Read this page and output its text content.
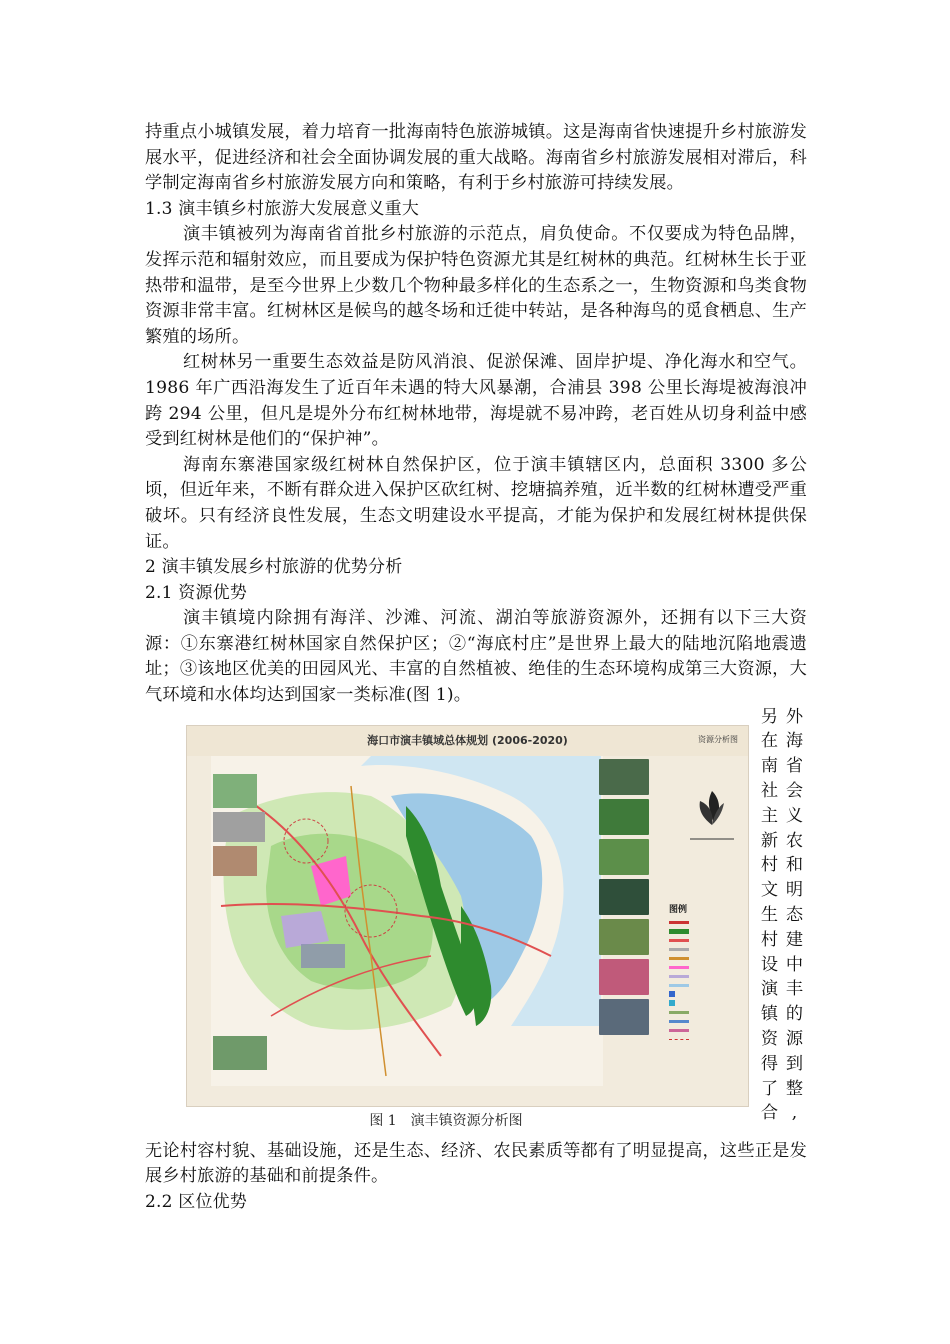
持重点小城镇发展，着力培育一批海南特色旅游城镇。这是海南省快速提升乡村旅游发展水平，促进经济和社会全面协调发展的重大战略。海南省乡村旅游发展相对滞后，科学制定海南省乡村旅游发展方向和策略，有利于乡村旅游可持续发展。

1.3 演丰镇乡村旅游大发展意义重大

演丰镇被列为海南省首批乡村旅游的示范点，肩负使命。不仅要成为特色品牌，发挥示范和辐射效应，而且要成为保护特色资源尤其是红树林的典范。红树林生长于亚热带和温带，是至今世界上少数几个物种最多样化的生态系之一，生物资源和鸟类食物资源非常丰富。红树林区是候鸟的越冬场和迁徙中转站，是各种海鸟的觅食栖息、生产繁殖的场所。

红树林另一重要生态效益是防风消浪、促淤保滩、固岸护堤、净化海水和空气。1986 年广西沿海发生了近百年未遇的特大风暴潮，合浦县 398 公里长海堤被海浪冲跨 294 公里，但凡是堤外分布红树林地带，海堤就不易冲跨，老百姓从切身利益中感受到红树林是他们的“保护神”。

海南东寨港国家级红树林自然保护区，位于演丰镇辖区内，总面积 3300 多公顷，但近年来，不断有群众进入保护区砍红树、挖塘搞养殖，近半数的红树林遭受严重破坏。只有经济良性发展，生态文明建设水平提高，才能为保护和发展红树林提供保证。

2 演丰镇发展乡村旅游的优势分析

2.1 资源优势

演丰镇境内除拥有海洋、沙滩、河流、湖泊等旅游资源外，还拥有以下三大资源：①东寨港红树林国家自然保护区；②“海底村庄”是世界上最大的陆地沉陷地震遗址；③该地区优美的田园风光、丰富的自然植被、绝佳的生态环境构成第三大资源，大气环境和水体均达到国家一类标准(图 1)。

海口市演丰镇域总体规划 (2006-2020)	资源分析图
图例
图 1　演丰镇资源分析图
另 外
在 海
南 省
社 会
主 义
新 农
村 和
文 明
生 态
村 建
设 中
演 丰
镇 的
资 源
得 到
了 整
合 ,

无论村容村貌、基础设施，还是生态、经济、农民素质等都有了明显提高，这些正是发展乡村旅游的基础和前提条件。

2.2 区位优势
